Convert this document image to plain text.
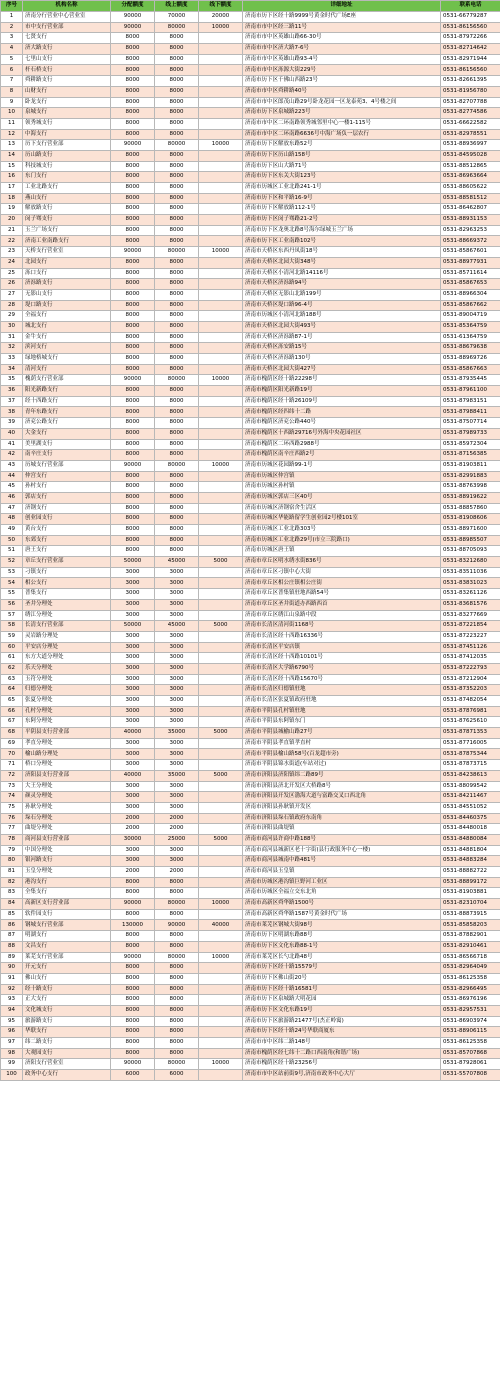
序号	机构名称	分配额度	线上额度	线下额度	详细地址	联系电话
1	济南分行营业中心营业室	90000	70000	20000	济南市历下区经十路9999号黄金时代广场E座	0531-66779287
2	市中支行营业部	90000	80000	10000	济南市市中区经三路11号	0531-86156560
3	七贤支行	8000	8000		济南市市中区英雄山路66-30号	0531-87972266
4	济大路支行	8000	8000		济南市市中区济大路7-6号	0531-82714642
5	七里山支行	8000	8000		济南市市中区英雄山路93-4号	0531-82971944
6	杆石桥支行	8000	8000		济南市市中区泺源大街229号	0531-86156560
7	舜耕路支行	8000	8000		济南市历下区千佛山西路23号	0531-82661395
8	山财支行	8000	8000		济南市市中区舜耕路40号	0531-81956780
9	卧龙支行	8000	8000		济南市市中区郎茂山路29号卧龙花园一区龙泰苑3、4号楼之间	0531-82707788
10	泉城支行	8000	8000		济南市历下区泉城路223号	0531-82774586
11	领秀城支行	8000	8000		济南市市中区二环南路领秀城邻里中心一楼1-115号	0531-66622582
12	中海支行	8000	8000		济南市市中区二环南路6636号中海广场负一层农行	0531-82978551
13	历下支行营业部	90000	80000	10000	济南市历下区解放东路52号	0531-88936997
14	历山路支行	8000	8000		济南市历下区历山路158号	0531-84595028
15	科技城支行	8000	8000		济南市历下区山大路71号	0531-88512865
16	东门支行	8000	8000		济南市历下区东关大街123号	0531-86963664
17	工业北路支行	8000	8000		济南市历城区工业北路241-1号	0531-88605622
18	燕山支行	8000	8000		济南市历下区和平路16-9号	0531-88581512
19	解放路支行	8000	8000		济南市历下区解放路112-1号	0531-86462807
20	闵子骞支行	8000	8000		济南市历下区闵子骞路21-2号	0531-88931153
21	玉兰广场支行	8000	8000		济南市历下区龙奥北路8号海尔绿城玉兰广场	0531-82963253
22	济南工业南路支行	8000	8000		济南市历下区工业南路102号	0531-88669372
23	天桥支行营业室	90000	80000	10000	济南市天桥区东西丹凤街18号	0531-85867601
24	北园支行	8000	8000		济南市天桥区北园大街348号	0531-88977931
25	泺口支行	8000	8000		济南市天桥区小清河北路14116号	0531-85711614
26	济泺路支行	8000	8000		济南市天桥区济泺路94号	0531-85867653
27	无影山支行	8000	8000		济南市天桥区无影山北路199号	0531-88966304
28	堤口路支行	8000	8000		济南市天桥区堤口路96-4号	0531-85867662
29	全福支行	8000	8000		济南市历城区小清河北路188号	0531-89004719
30	城北支行	8000	8000		济南市天桥区北园大街493号	0531-85364759
31	金牛支行	8000	8000		济南市天桥区济泺路87-1号	0531-61364759
32	滨河支行	8000	8000		济南市天桥区泺安路15号	0531-88679638
33	绿地格城支行	8000	8000		济南市天桥区济泺路130号	0531-88969726
34	清河支行	8000	8000		济南市天桥区北园大街427号	0531-85867663
35	槐荫支行营业部	90000	80000	10000	济南市槐荫区经十路22298号	0531-87935445
36	阳光新路支行	8000	8000		济南市槐荫区阳光新路19号	0531-87961100
37	经十西路支行	8000	8000		济南市槐荫区经十路26109号	0531-87983151
38	青年东路支行	8000	8000		济南市槐荫区经四纬十二路	0531-87988411
39	济兖公路支行	8000	8000		济南市槐荫区济兖公路440号	0531-87507714
40	大金支行	8000	8000		济南市槐荫区十西路29716号外海中央花园社区	0531-87989733
41	美里湖支行	8000	8000		济南市槐荫区二环西路2988号	0531-85972304
42	南辛庄支行	8000	8000		济南市槐荫区南辛庄西路2号	0531-87156385
43	历城支行营业部	90000	80000	10000	济南市历城区花园路99-1号	0531-81903811
44	仲宫支行	8000	8000		济南市历城区仲宫镇	0531-82991883
45	孙村支行	8000	8000		济南市历城区孙村镇	0531-88763998
46	郭店支行	8000	8000		济南市历城区郭店三区40号	0531-88919622
47	济钢支行	8000	8000		济南市历城区济钢宿舍生活区	0531-88857860
48	创业园支行	8000	8000		济南市历城区华能路留学生创业园2号楼101室	0531-81908606
49	黄台支行	8000	8000		济南市历城区工业北路303号	0531-88971600
50	东郊支行	8000	8000		济南市历城区工业北路29号(市立三院路口)	0531-88985507
51	唐王支行	8000	8000		济南市历城区唐王镇	0531-88705093
52	章丘支行营业部	50000	45000	5000	济南市章丘区明水绣水街836号	0531-83212680
53	刁镇支行	3000	3000		济南市章丘区刁镇中心大街	0531-83511036
54	相公支行	3000	3000		济南市章丘区相公庄镇相公庄街	0531-83831023
55	普集支行	3000	3000		济南市章丘区普集镇驻地西路54号	0531-83261126
56	圣井分理处	3000	3000		济南市章丘区圣井街道办西路西首	0531-83681576
57	绣江分理处	3000	3000		济南市章丘区绣江山泉路中段	0531-83277669
58	长清支行营业部	50000	45000	5000	济南市长清区清河街1168号	0531-87221854
59	灵岩路分理处	3000	3000		济南市长清区经十西路16336号	0531-87223227
60	平安店分理处	3000	3000		济南市长清区平安店镇	0531-87451126
61	东方大道分理处	3000	3000		济南市长清区经十西路10101号	0531-87412035
62	乐天分理处	3000	3000		济南市长清区大学路6790号	0531-87222793
63	玉符分理处	3000	3000		济南市长清区经十西路15670号	0531-87212904
64	归德分理处	3000	3000		济南市长清区归德镇驻地	0531-87352203
65	张夏分理处	3000	3000		济南市长清区张夏镇政府驻地	0531-87482054
66	孔村分理处	3000	3000		济南市平阴县孔村镇驻地	0531-87876981
67	东阿分理处	3000	3000		济南市平阴县东阿镇东门	0531-87625610
68	平阴县支行营业部	40000	35000	5000	济南市平阴县城榆山路27号	0531-87871353
69	孝直分理处	3000	3000		济南市平阴县孝直镇孝直村	0531-87716005
70	榆山路分理处	3000	3000		济南市平阴县榆山路58号(百龙超市旁)	0531-87875344
71	桥口分理处	3000	3000		济南市平阴县锦水街道(车站对过)	0531-87873715
72	济阳县支行营业部	40000	35000	5000	济南市济阳县济阳镇纬二路89号	0531-84238613
73	大王分理处	3000	3000		济南市济阳县济北开发区大桥路8号	0531-88099542
74	颜灵分理处	3000	3000		济南市济阳县开发区渤海大道与富路交叉口西北角	0531-84211467
75	孙耿分理处	3000	3000		济南市济阳县孙耿镇开发区	0531-84551052
76	垛石分理处	2000	2000		济南市济阳县垛石镇政府东南角	0531-84460375
77	曲堤分理处	2000	2000		济南市济阳县曲堤镇	0531-84480018
78	商河县支行营业部	30000	25000	5000	济南市商河县许商中路188号	0531-84880084
79	中国分理处	3000	3000		济南市商河县城新区老十字街(县行政服务中心一楼)	0531-84881804
80	银河路支行	3000	3000		济南市商河县城南中路481号	0531-84883284
81	玉皇分理处	2000	2000		济南市商河县玉皇镇	0531-88882722
82	港沟支行	8000	8000		济南市历城区港沟镇巨野河工业区	0531-88899172
83	全集支行	8000	8000		济南市历城区全福立交东北角	0531-81903881
84	高新区支行营业部	90000	80000	10000	济南市高新区舜华路1500号	0531-82310704
85	软件园支行	8000	8000		济南市高新区舜华路1587号黄金时代广场	0531-88873915
86	钢城支行营业部	130000	90000	40000	济南市莱芜区钢城大街98号	0531-85858203
87	明湖支行	8000	8000		济南市历下区明湖东路88号	0531-87882901
88	文昌支行	8000	8000		济南市历下区文化东路88-1号	0531-82910461
89	莱芜支行营业部	90000	80000	10000	济南市莱芜区长勺北路48号	0531-86566718
90	开元支行	8000	8000		济南市历下区经十路15579号	0531-82964049
91	佛山支行	8000	8000		济南市历下区佛山街20号	0531-86125358
92	经十路支行	8000	8000		济南市历下区经十路16581号	0531-82966495
93	正大支行	8000	8000		济南市历下区泉城路大明花园	0531-86976196
94	文化城支行	8000	8000		济南市历下区文化东路19号	0531-82957531
95	旅游路支行	8000	8000		济南市历下区旅游路21477号(杰正岭寓)	0531-86903974
96	华联支行	8000	8000		济南市历下区经十路24号华联商厦东	0531-88906115
97	纬二路支行	8000	8000		济南市市中区纬二路148号	0531-86125358
98	大观园支行	8000	8000		济南市槐荫区经七纬十二路口西南角(和谐广场)	0531-85707868
99	济阳支行营业室	90000	80000	10000	济南市槐荫区经十路23256号	0531-87928061
100	政务中心支行	6000	6000		济南市市中区站前街9号,济南市政务中心大厅	0531-55707808
